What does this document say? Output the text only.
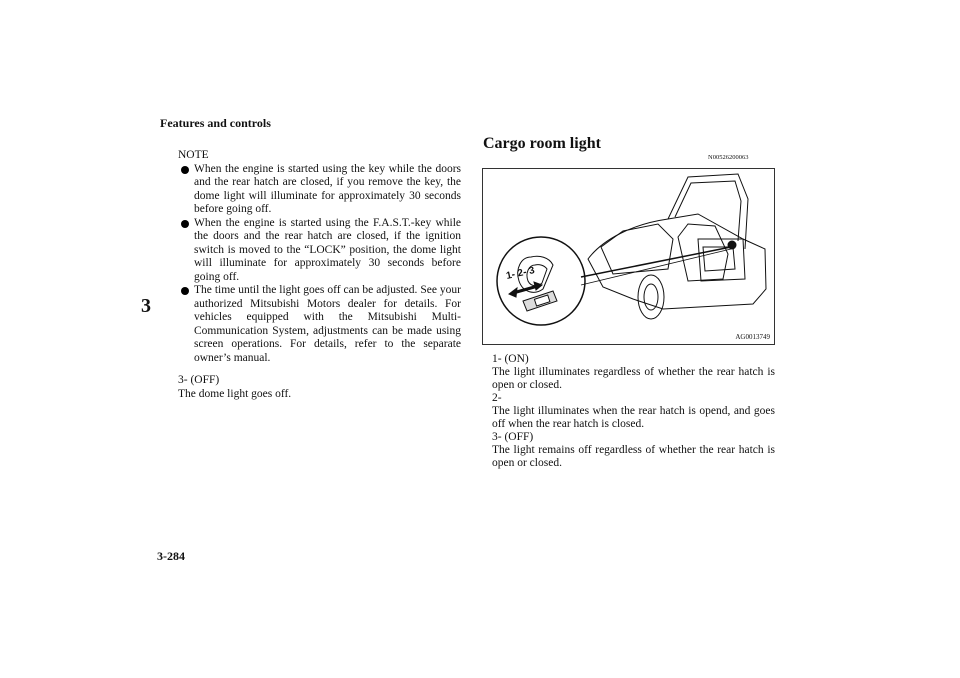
Features and controls
3
3-284
NOTE
When the engine is started using the key while the doors and the rear hatch are closed, if you remove the key, the dome light will illuminate for approximately 30 seconds before going off.
When the engine is started using the F.A.S.T.-key while the doors and the rear hatch are closed, if the ignition switch is moved to the “LOCK” position, the dome light will illuminate for approximately 30 seconds before going off.
The time until the light goes off can be adjusted. See your authorized Mitsubishi Motors dealer for details. For vehicles equipped with the Mitsubishi Multi-Communication System, adjustments can be made using screen operations. For details, refer to the separate owner’s manual.
3- (OFF)
The dome light goes off.
Cargo room light
N00526200063
1- 2- 3
AG0013749
1- (ON)
The light illuminates regardless of whether the rear hatch is open or closed.
2-
The light illuminates when the rear hatch is opend, and goes off when the rear hatch is closed.
3- (OFF)
The light remains off regardless of whether the rear hatch is open or closed.
